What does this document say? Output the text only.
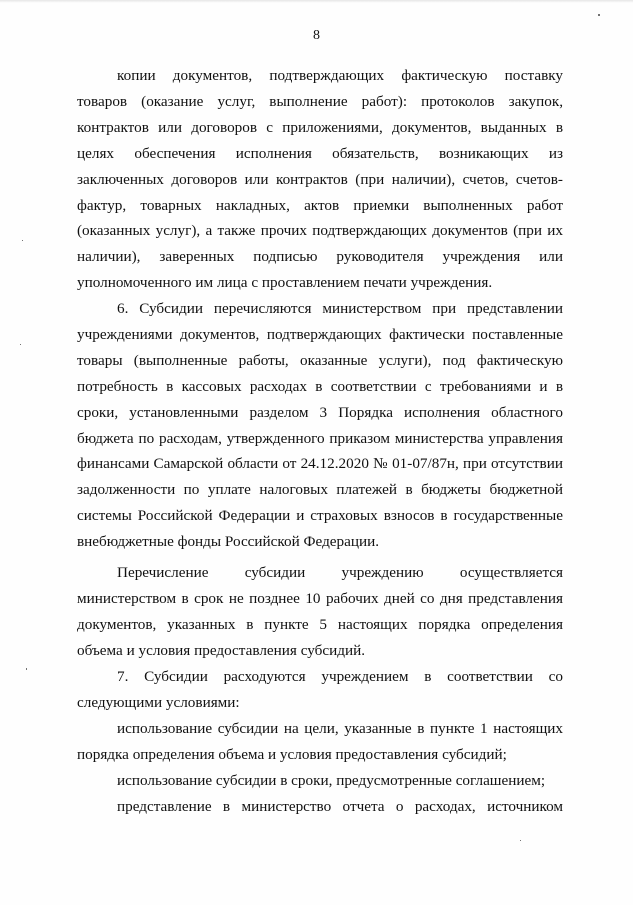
8

копии документов, подтверждающих фактическую поставку товаров (оказание услуг, выполнение работ): протоколов закупок, контрактов или договоров с приложениями, документов, выданных в целях обеспечения исполнения обязательств, возникающих из заключенных договоров или контрактов (при наличии), счетов, счетов-фактур, товарных накладных, актов приемки выполненных работ (оказанных услуг), а также прочих подтверждающих документов (при их наличии), заверенных подписью руководителя учреждения или уполномоченного им лица с проставлением печати учреждения.

6. Субсидии перечисляются министерством при представлении учреждениями документов, подтверждающих фактически поставленные товары (выполненные работы, оказанные услуги), под фактическую потребность в кассовых расходах в соответствии с требованиями и в сроки, установленными разделом 3 Порядка исполнения областного бюджета по расходам, утвержденного приказом министерства управления финансами Самарской области от 24.12.2020 № 01-07/87н, при отсутствии задолженности по уплате налоговых платежей в бюджеты бюджетной системы Российской Федерации и страховых взносов в государственные внебюджетные фонды Российской Федерации.

Перечисление субсидии учреждению осуществляется министерством в срок не позднее 10 рабочих дней со дня представления документов, указанных в пункте 5 настоящих порядка определения объема и условия предоставления субсидий.

7. Субсидии расходуются учреждением в соответствии со следующими условиями:

использование субсидии на цели, указанные в пункте 1 настоящих порядка определения объема и условия предоставления субсидий;

использование субсидии в сроки, предусмотренные соглашением;

представление в министерство отчета о расходах, источником
